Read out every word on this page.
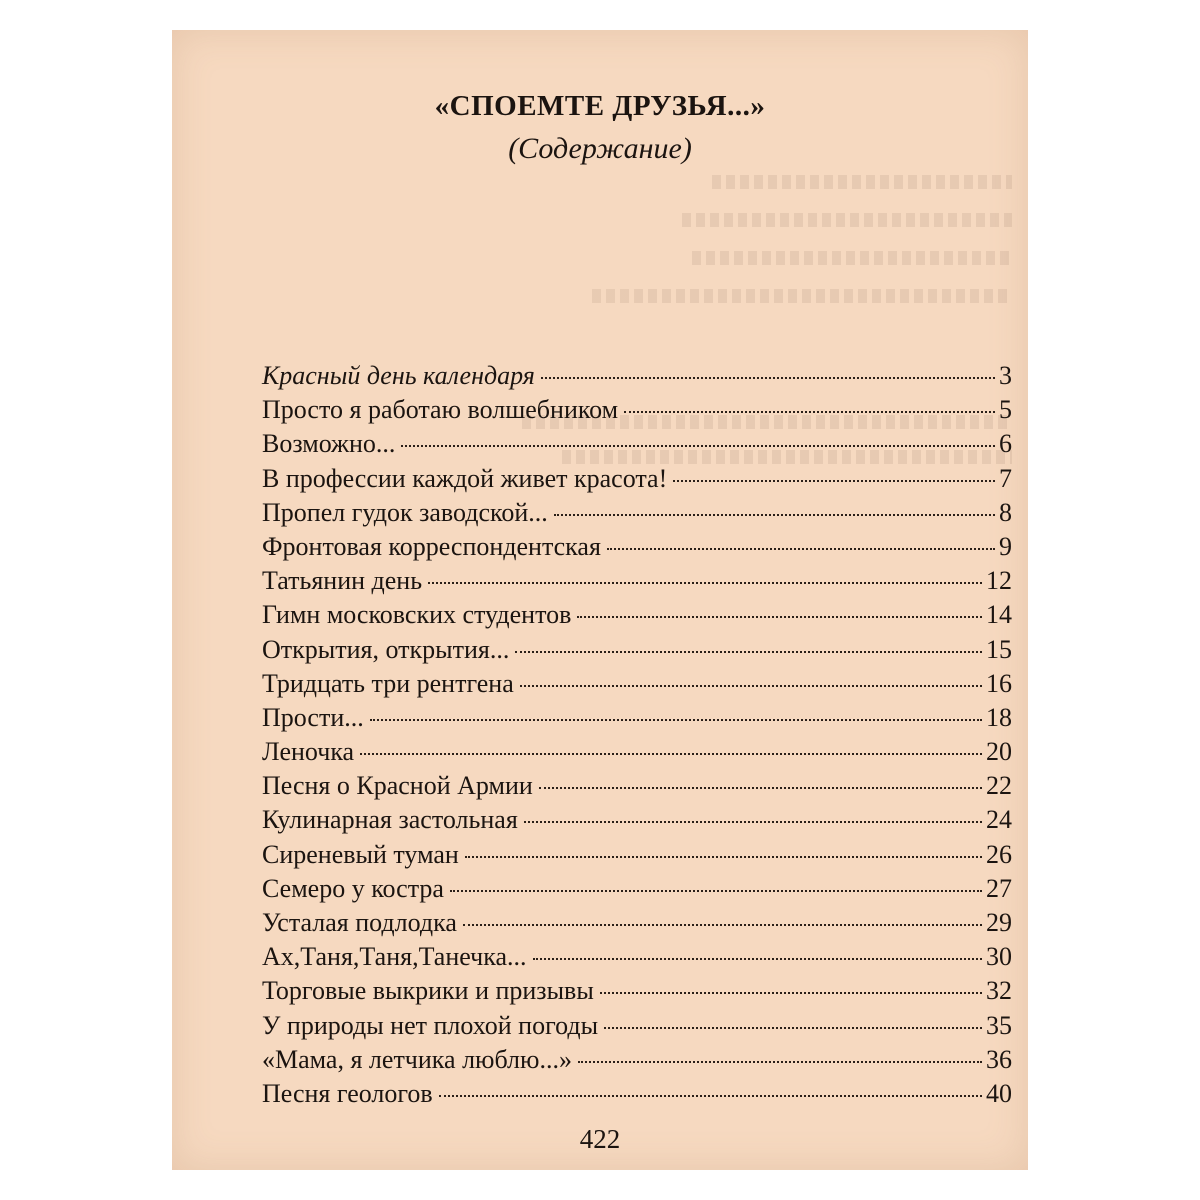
«СПОЕМТЕ ДРУЗЬЯ...»
(Содержание)
Красный день календаря	3
Просто я работаю волшебником	5
Возможно...	6
В профессии каждой живет красота!	7
Пропел гудок заводской...	8
Фронтовая корреспондентская	9
Татьянин день	12
Гимн московских студентов	14
Открытия, открытия...	15
Тридцать три рентгена	16
Прости...	18
Леночка	20
Песня о Красной Армии	22
Кулинарная застольная	24
Сиреневый туман	26
Семеро у костра	27
Усталая подлодка	29
Ах,Таня,Таня,Танечка...	30
Торговые выкрики и призывы	32
У природы нет плохой погоды	35
«Мама, я летчика люблю...»	36
Песня геологов	40
422
